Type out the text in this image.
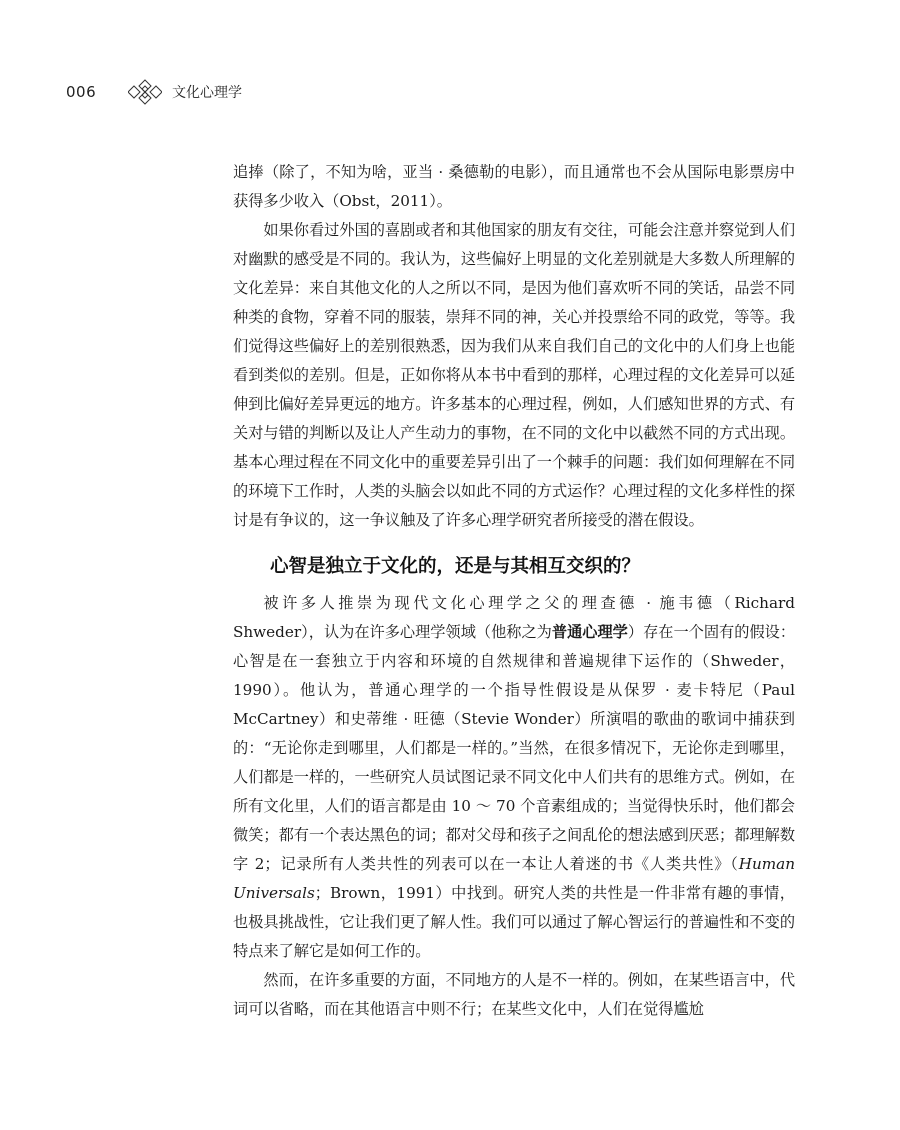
006	文化心理学

追捧（除了，不知为啥，亚当 · 桑德勒的电影），而且通常也不会从国际电影票房中获得多少收入（Obst，2011）。

如果你看过外国的喜剧或者和其他国家的朋友有交往，可能会注意并察觉到人们对幽默的感受是不同的。我认为，这些偏好上明显的文化差别就是大多数人所理解的文化差异：来自其他文化的人之所以不同，是因为他们喜欢听不同的笑话，品尝不同种类的食物，穿着不同的服装，崇拜不同的神，关心并投票给不同的政党，等等。我们觉得这些偏好上的差别很熟悉，因为我们从来自我们自己的文化中的人们身上也能看到类似的差别。但是，正如你将从本书中看到的那样，心理过程的文化差异可以延伸到比偏好差异更远的地方。许多基本的心理过程，例如，人们感知世界的方式、有关对与错的判断以及让人产生动力的事物，在不同的文化中以截然不同的方式出现。基本心理过程在不同文化中的重要差异引出了一个棘手的问题：我们如何理解在不同的环境下工作时，人类的头脑会以如此不同的方式运作？心理过程的文化多样性的探讨是有争议的，这一争议触及了许多心理学研究者所接受的潜在假设。

心智是独立于文化的，还是与其相互交织的？

被许多人推崇为现代文化心理学之父的理查德 · 施韦德（Richard Shweder），认为在许多心理学领域（他称之为普通心理学）存在一个固有的假设：心智是在一套独立于内容和环境的自然规律和普遍规律下运作的（Shweder，1990）。他认为，普通心理学的一个指导性假设是从保罗 · 麦卡特尼（Paul McCartney）和史蒂维 · 旺德（Stevie Wonder）所演唱的歌曲的歌词中捕获到的：“无论你走到哪里，人们都是一样的。”当然，在很多情况下，无论你走到哪里，人们都是一样的，一些研究人员试图记录不同文化中人们共有的思维方式。例如，在所有文化里，人们的语言都是由 10 ～ 70 个音素组成的；当觉得快乐时，他们都会微笑；都有一个表达黑色的词；都对父母和孩子之间乱伦的想法感到厌恶；都理解数字 2；记录所有人类共性的列表可以在一本让人着迷的书《人类共性》（Human Universals；Brown，1991）中找到。研究人类的共性是一件非常有趣的事情，也极具挑战性，它让我们更了解人性。我们可以通过了解心智运行的普遍性和不变的特点来了解它是如何工作的。

然而，在许多重要的方面，不同地方的人是不一样的。例如，在某些语言中，代词可以省略，而在其他语言中则不行；在某些文化中，人们在觉得尴尬
